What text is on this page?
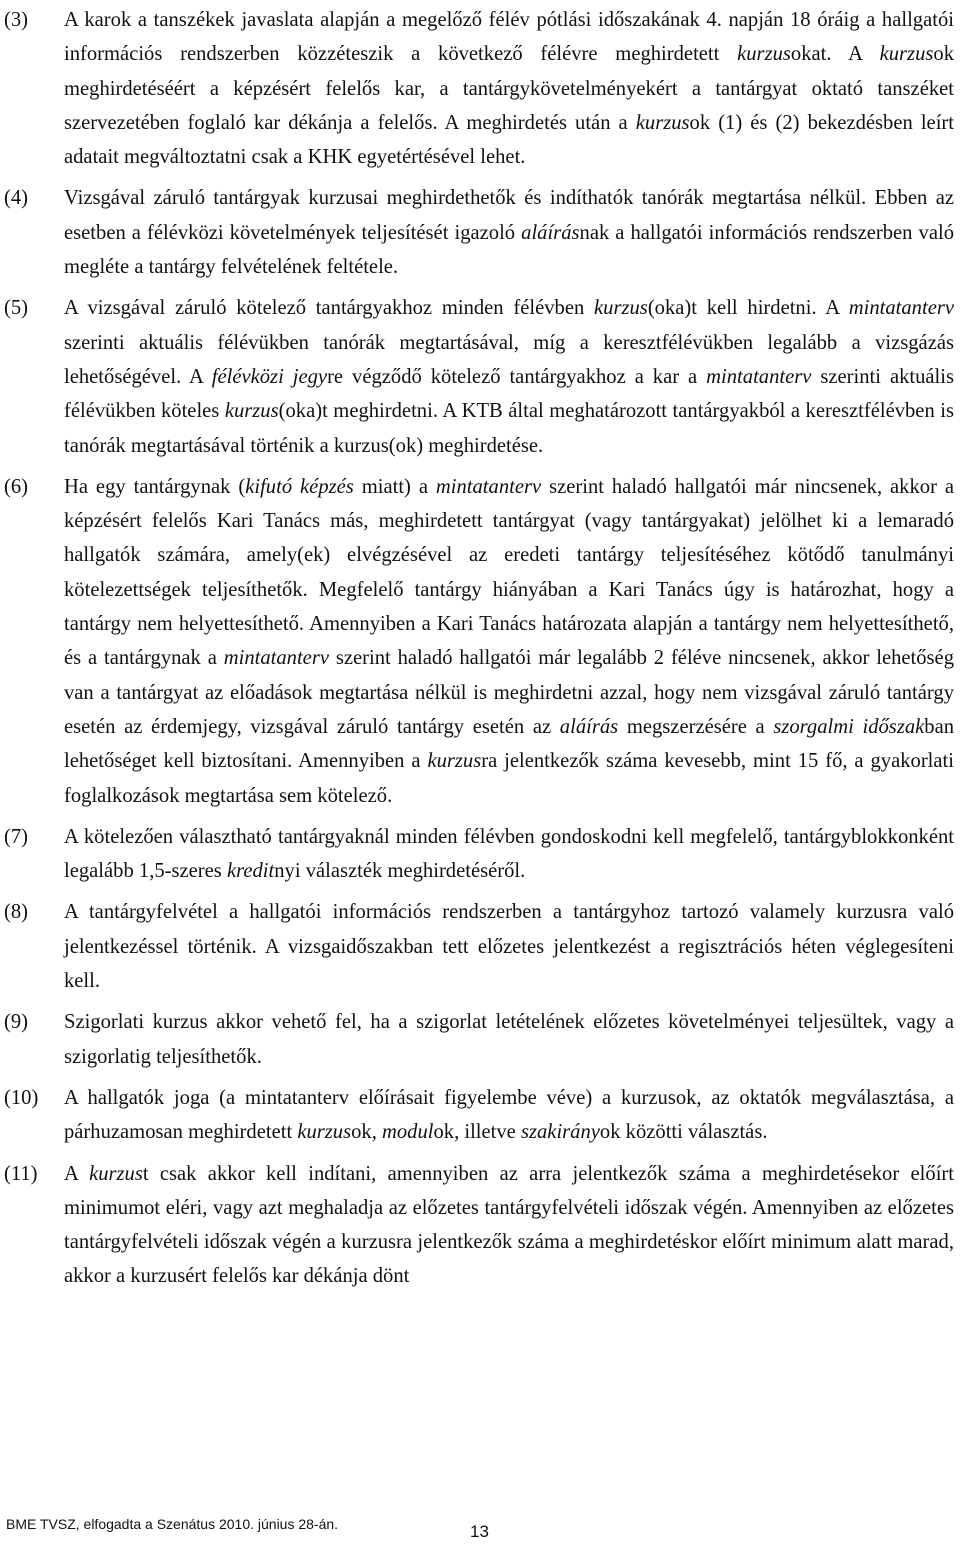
(3)	A karok a tanszékek javaslata alapján a megelőző félév pótlási időszakának 4. napján 18 óráig a hallgatói információs rendszerben közzéteszik a következő félévre meghirdetett kurzusokat. A kurzusok meghirdetéséért a képzésért felelős kar, a tantárgykövetelményekért a tantárgyat oktató tanszéket szervezetében foglaló kar dékánja a felelős. A meghirdetés után a kurzusok (1) és (2) bekezdésben leírt adatait megváltoztatni csak a KHK egyetértésével lehet.
(4)	Vizsgával záruló tantárgyak kurzusai meghirdethetők és indíthatók tanórák megtartása nélkül. Ebben az esetben a félévközi követelmények teljesítését igazoló aláírásnak a hallgatói információs rendszerben való megléte a tantárgy felvételének feltétele.
(5)	A vizsgával záruló kötelező tantárgyakhoz minden félévben kurzus(oka)t kell hirdetni. A mintatanterv szerinti aktuális félévükben tanórák megtartásával, míg a keresztfélévükben legalább a vizsgázás lehetőségével. A félévközi jegyre végződő kötelező tantárgyakhoz a kar a mintatanterv szerinti aktuális félévükben köteles kurzus(oka)t meghirdetni. A KTB által meghatározott tantárgyakból a keresztfélévben is tanórák megtartásával történik a kurzus(ok) meghirdetése.
(6)	Ha egy tantárgynak (kifutó képzés miatt) a mintatanterv szerint haladó hallgatói már nincsenek, akkor a képzésért felelős Kari Tanács más, meghirdetett tantárgyat (vagy tantárgyakat) jelölhet ki a lemaradó hallgatók számára, amely(ek) elvégzésével az eredeti tantárgy teljesítéséhez kötődő tanulmányi kötelezettségek teljesíthetők. Megfelelő tantárgy hiányában a Kari Tanács úgy is határozhat, hogy a tantárgy nem helyettesíthető. Amennyiben a Kari Tanács határozata alapján a tantárgy nem helyettesíthető, és a tantárgynak a mintatanterv szerint haladó hallgatói már legalább 2 féléve nincsenek, akkor lehetőség van a tantárgyat az előadások megtartása nélkül is meghirdetni azzal, hogy nem vizsgával záruló tantárgy esetén az érdemjegy, vizsgával záruló tantárgy esetén az aláírás megszerzésére a szorgalmi időszakban lehetőséget kell biztosítani. Amennyiben a kurzusra jelentkezők száma kevesebb, mint 15 fő, a gyakorlati foglalkozások megtartása sem kötelező.
(7)	A kötelezően választható tantárgyaknál minden félévben gondoskodni kell megfelelő, tantárgyblokkonként legalább 1,5-szeres kreditnyi választék meghirdetéséről.
(8)	A tantárgyfelvétel a hallgatói információs rendszerben a tantárgyhoz tartozó valamely kurzusra való jelentkezéssel történik. A vizsgaidőszakban tett előzetes jelentkezést a regisztrációs héten véglegesíteni kell.
(9)	Szigorlati kurzus akkor vehető fel, ha a szigorlat letételének előzetes követelményei teljesültek, vagy a szigorlatig teljesíthetők.
(10)	A hallgatók joga (a mintatanterv előírásait figyelembe véve) a kurzusok, az oktatók megválasztása, a párhuzamosan meghirdetett kurzusok, modulok, illetve szakirányok közötti választás.
(11)	A kurzust csak akkor kell indítani, amennyiben az arra jelentkezők száma a meghirdetésekor előírt minimumot eléri, vagy azt meghaladja az előzetes tantárgyfelvételi időszak végén. Amennyiben az előzetes tantárgyfelvételi időszak végén a kurzusra jelentkezők száma a meghirdetéskor előírt minimum alatt marad, akkor a kurzusért felelős kar dékánja dönt
BME TVSZ, elfogadta a Szenátus 2010. június 28-án.	13
